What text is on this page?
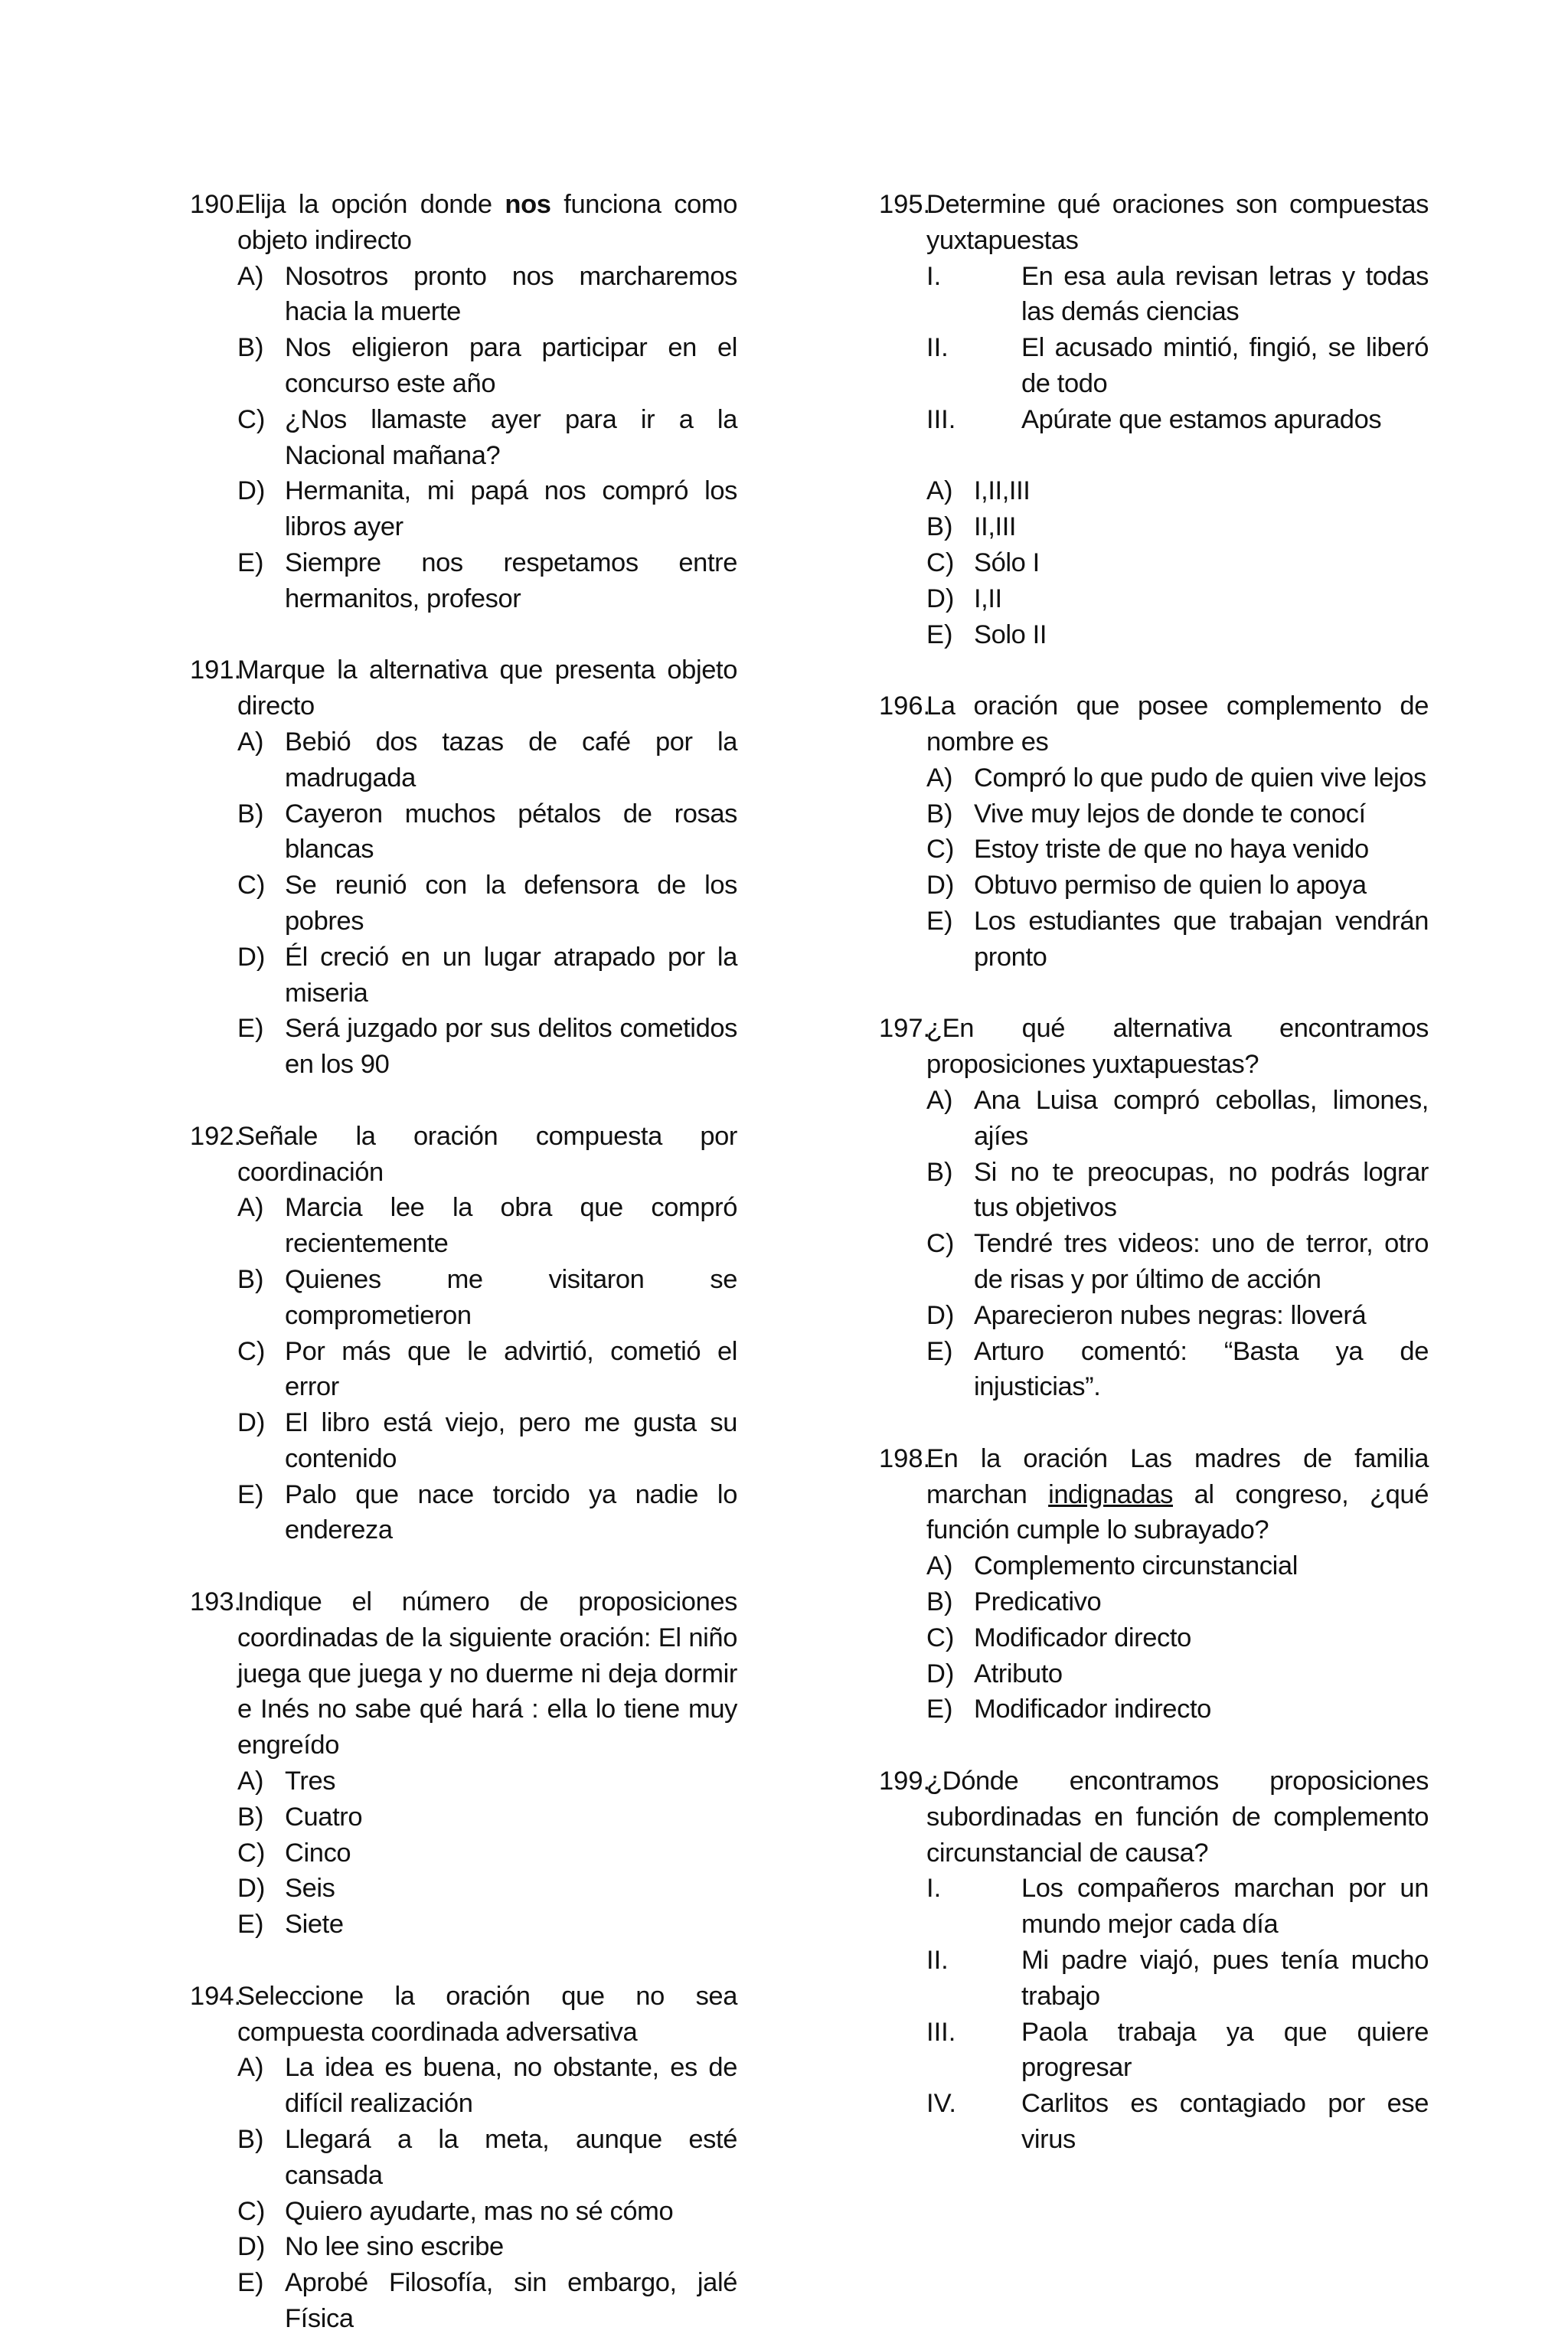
190.
Elija la opción donde nos funciona como objeto indirecto
A) Nosotros pronto nos marcharemos hacia la muerte
B) Nos eligieron para participar en el concurso este año
C) ¿Nos llamaste ayer para ir a la Nacional mañana?
D) Hermanita, mi papá nos compró los libros ayer
E) Siempre nos respetamos entre hermanitos, profesor
191.
Marque la alternativa que presenta objeto directo
A) Bebió dos tazas de café por la madrugada
B) Cayeron muchos pétalos de rosas blancas
C) Se reunió con la defensora de los pobres
D) Él creció en un lugar atrapado por la miseria
E) Será juzgado por sus delitos cometidos en los 90
192.
Señale la oración compuesta por coordinación
A) Marcia lee la obra que compró recientemente
B) Quienes me visitaron se comprometieron
C) Por más que le advirtió, cometió el error
D) El libro está viejo, pero me gusta su contenido
E) Palo que nace torcido ya nadie lo endereza
193.
Indique el número de proposiciones coordinadas de la siguiente oración: El niño juega que juega y no duerme ni deja dormir e Inés no sabe qué hará : ella lo tiene muy engreído
A) Tres
B) Cuatro
C) Cinco
D) Seis
E) Siete
194.
Seleccione la oración que no sea compuesta coordinada adversativa
A) La idea es buena, no obstante, es de difícil realización
B) Llegará a la meta, aunque esté cansada
C) Quiero ayudarte, mas no sé cómo
D) No lee sino escribe
E) Aprobé Filosofía, sin embargo, jalé Física
195.
Determine qué oraciones son compuestas yuxtapuestas
I.	En esa aula revisan letras y todas las demás ciencias
II.	El acusado mintió, fingió, se liberó de todo
III.	Apúrate que estamos apurados
A) I,II,III
B) II,III
C) Sólo I
D) I,II
E) Solo II
196.
La oración que posee complemento de nombre es
A) Compró lo que pudo de quien vive lejos
B) Vive muy lejos de donde te conocí
C) Estoy triste de que no haya venido
D) Obtuvo permiso de quien lo apoya
E) Los estudiantes que trabajan vendrán pronto
197.
¿En qué alternativa encontramos proposiciones yuxtapuestas?
A) Ana Luisa compró cebollas, limones, ajíes
B) Si no te preocupas, no podrás lograr tus objetivos
C) Tendré tres videos: uno de terror, otro de risas y por último de acción
D) Aparecieron nubes negras: lloverá
E) Arturo comentó: “Basta ya de injusticias”.
198.
En la oración Las madres de familia marchan indignadas al congreso, ¿qué función cumple lo subrayado?
A) Complemento circunstancial
B) Predicativo
C) Modificador directo
D) Atributo
E) Modificador indirecto
199.
¿Dónde encontramos proposiciones subordinadas en función de complemento circunstancial de causa?
I.	Los compañeros marchan por un mundo mejor cada día
II.	Mi padre viajó, pues tenía mucho trabajo
III.	Paola trabaja ya que quiere progresar
IV.	Carlitos es contagiado por ese virus
